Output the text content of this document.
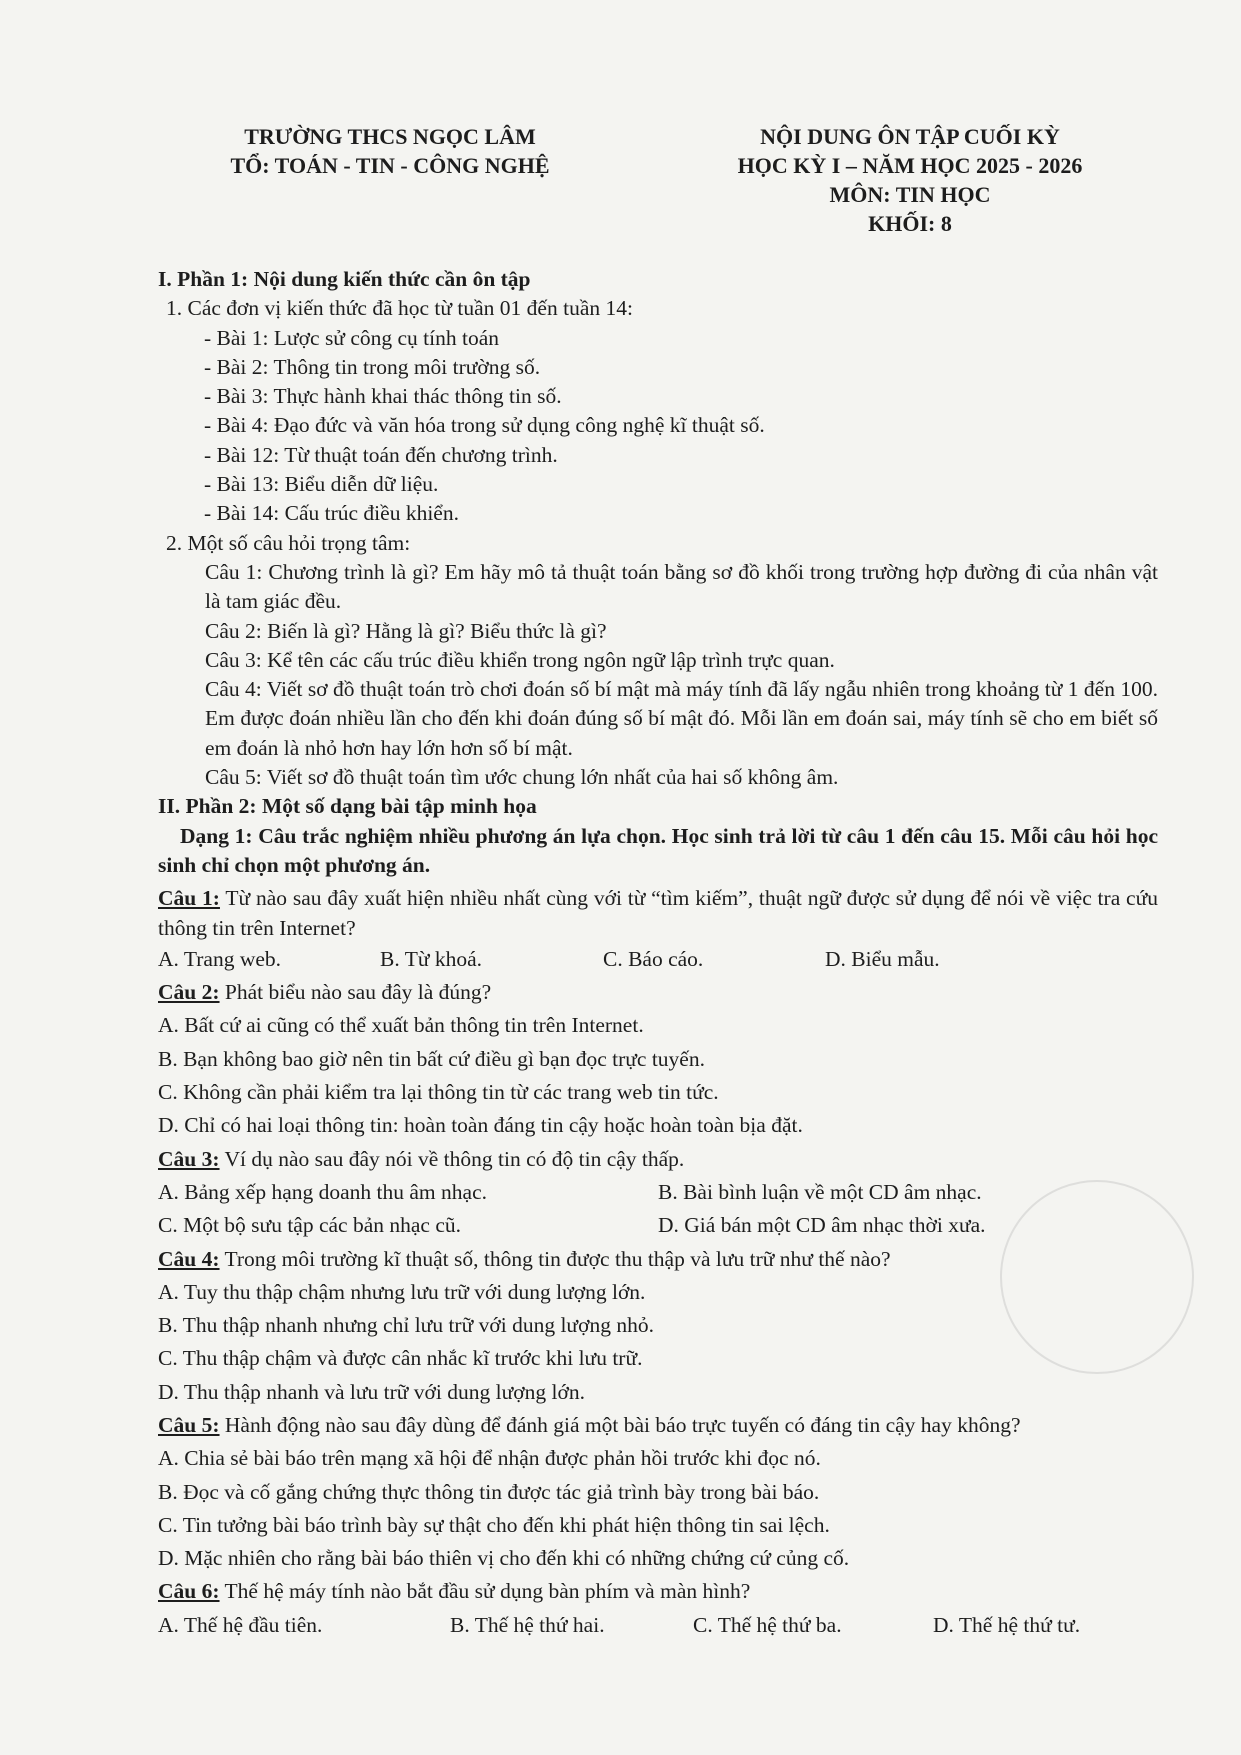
TRƯỜNG THCS NGỌC LÂM
TỔ: TOÁN - TIN - CÔNG NGHỆ
NỘI DUNG ÔN TẬP CUỐI KỲ
HỌC KỲ I – NĂM HỌC 2025 - 2026
MÔN: TIN HỌC
KHỐI: 8
I. Phần 1: Nội dung kiến thức cần ôn tập
1. Các đơn vị kiến thức đã học từ tuần 01 đến tuần 14:
- Bài 1: Lược sử công cụ tính toán
- Bài 2: Thông tin trong môi trường số.
- Bài 3: Thực hành khai thác thông tin số.
- Bài 4: Đạo đức và văn hóa trong sử dụng công nghệ kĩ thuật số.
- Bài 12: Từ thuật toán đến chương trình.
- Bài 13: Biểu diễn dữ liệu.
- Bài 14: Cấu trúc điều khiển.
2. Một số câu hỏi trọng tâm:
Câu 1: Chương trình là gì? Em hãy mô tả thuật toán bằng sơ đồ khối trong trường hợp đường đi của nhân vật là tam giác đều.
Câu 2: Biến là gì? Hằng là gì? Biểu thức là gì?
Câu 3: Kể tên các cấu trúc điều khiển trong ngôn ngữ lập trình trực quan.
Câu 4: Viết sơ đồ thuật toán trò chơi đoán số bí mật mà máy tính đã lấy ngẫu nhiên trong khoảng từ 1 đến 100. Em được đoán nhiều lần cho đến khi đoán đúng số bí mật đó. Mỗi lần em đoán sai, máy tính sẽ cho em biết số em đoán là nhỏ hơn hay lớn hơn số bí mật.
Câu 5: Viết sơ đồ thuật toán tìm ước chung lớn nhất của hai số không âm.
II. Phần 2: Một số dạng bài tập minh họa
Dạng 1: Câu trắc nghiệm nhiều phương án lựa chọn. Học sinh trả lời từ câu 1 đến câu 15. Mỗi câu hỏi học sinh chỉ chọn một phương án.
Câu 1: Từ nào sau đây xuất hiện nhiều nhất cùng với từ “tìm kiếm”, thuật ngữ được sử dụng để nói về việc tra cứu thông tin trên Internet?
A. Trang web.	B. Từ khoá.	C. Báo cáo.	D. Biểu mẫu.
Câu 2: Phát biểu nào sau đây là đúng?
A. Bất cứ ai cũng có thể xuất bản thông tin trên Internet.
B. Bạn không bao giờ nên tin bất cứ điều gì bạn đọc trực tuyến.
C. Không cần phải kiểm tra lại thông tin từ các trang web tin tức.
D. Chỉ có hai loại thông tin: hoàn toàn đáng tin cậy hoặc hoàn toàn bịa đặt.
Câu 3: Ví dụ nào sau đây nói về thông tin có độ tin cậy thấp.
A. Bảng xếp hạng doanh thu âm nhạc.	B. Bài bình luận về một CD âm nhạc.
C. Một bộ sưu tập các bản nhạc cũ.	D. Giá bán một CD âm nhạc thời xưa.
Câu 4: Trong môi trường kĩ thuật số, thông tin được thu thập và lưu trữ như thế nào?
A. Tuy thu thập chậm nhưng lưu trữ với dung lượng lớn.
B. Thu thập nhanh nhưng chỉ lưu trữ với dung lượng nhỏ.
C. Thu thập chậm và được cân nhắc kĩ trước khi lưu trữ.
D. Thu thập nhanh và lưu trữ với dung lượng lớn.
Câu 5: Hành động nào sau đây dùng để đánh giá một bài báo trực tuyến có đáng tin cậy hay không?
A. Chia sẻ bài báo trên mạng xã hội để nhận được phản hồi trước khi đọc nó.
B. Đọc và cố gắng chứng thực thông tin được tác giả trình bày trong bài báo.
C. Tin tưởng bài báo trình bày sự thật cho đến khi phát hiện thông tin sai lệch.
D. Mặc nhiên cho rằng bài báo thiên vị cho đến khi có những chứng cứ củng cố.
Câu 6: Thế hệ máy tính nào bắt đầu sử dụng bàn phím và màn hình?
A. Thế hệ đầu tiên.	B. Thế hệ thứ hai.	C. Thế hệ thứ ba.	D. Thế hệ thứ tư.
